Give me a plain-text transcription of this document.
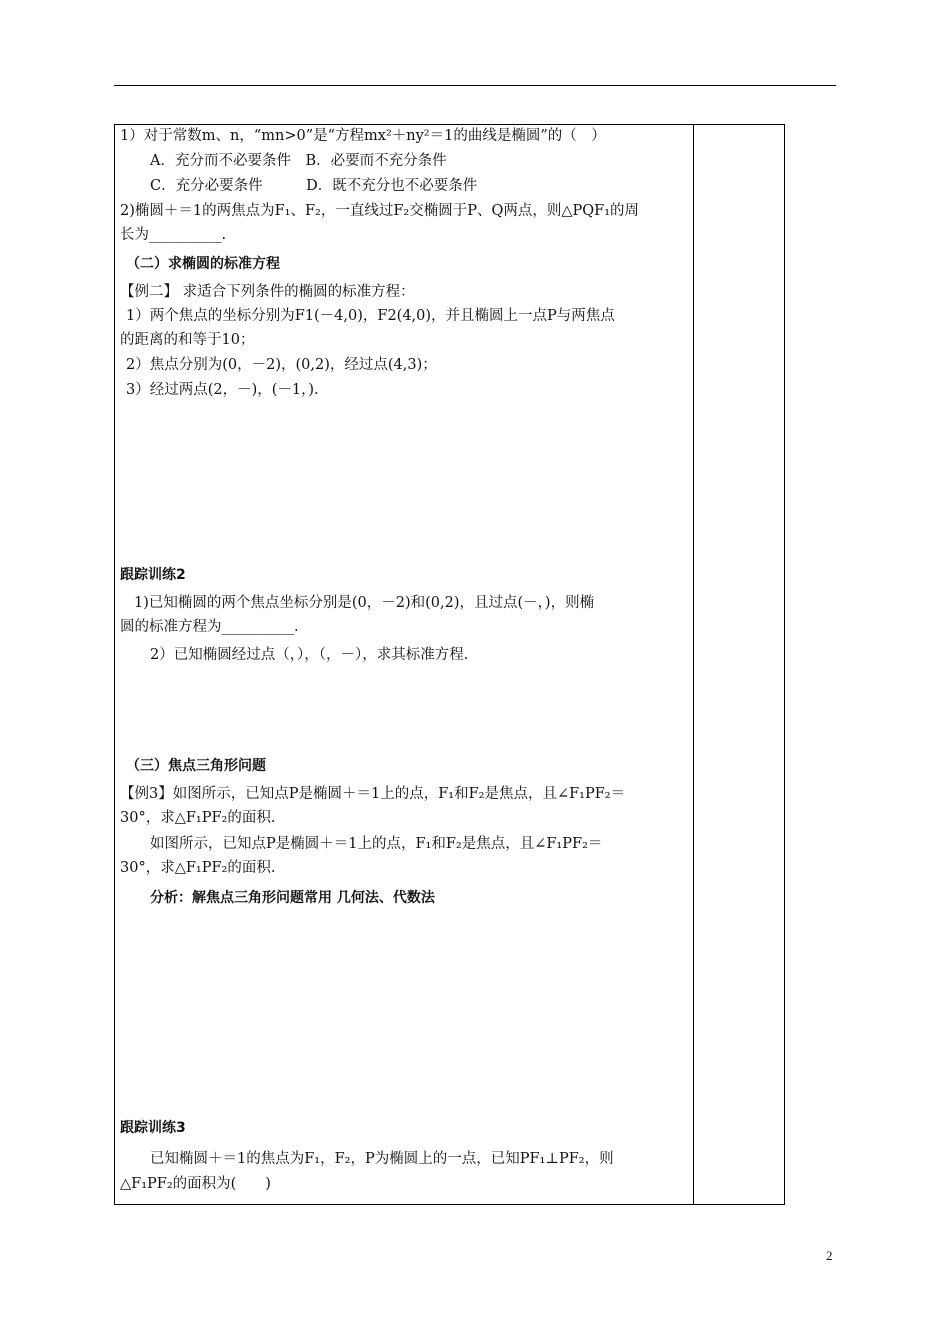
1）对于常数m、n，“mn>0”是“方程mx²＋ny²＝1的曲线是椭圆”的（　）

A．充分而不必要条件　B．必要而不充分条件

C．充分必要条件　　　D．既不充分也不必要条件

2)椭圆＋＝1的两焦点为F₁、F₂，一直线过F₂交椭圆于P、Q两点，则△PQF₁的周

长为__________.

（二）求椭圆的标准方程

【例二】 求适合下列条件的椭圆的标准方程：

1）两个焦点的坐标分别为F1(－4,0)，F2(4,0)，并且椭圆上一点P与两焦点

的距离的和等于10；

2）焦点分别为(0，－2)，(0,2)，经过点(4,3)；

3）经过两点(2，－)，(－1，).

跟踪训练2

1)已知椭圆的两个焦点坐标分别是(0，－2)和(0,2)，且过点(－，)，则椭

圆的标准方程为__________.

2）已知椭圆经过点（，），（，－），求其标准方程.

（三）焦点三角形问题

【例3】如图所示，已知点P是椭圆＋＝1上的点，F₁和F₂是焦点，且∠F₁PF₂＝

30°，求△F₁PF₂的面积.

如图所示，已知点P是椭圆＋＝1上的点，F₁和F₂是焦点，且∠F₁PF₂＝

30°，求△F₁PF₂的面积.

分析：解焦点三角形问题常用 几何法、代数法

跟踪训练3

已知椭圆＋＝1的焦点为F₁，F₂，P为椭圆上的一点，已知PF₁⊥PF₂，则

△F₁PF₂的面积为(　　)

2
